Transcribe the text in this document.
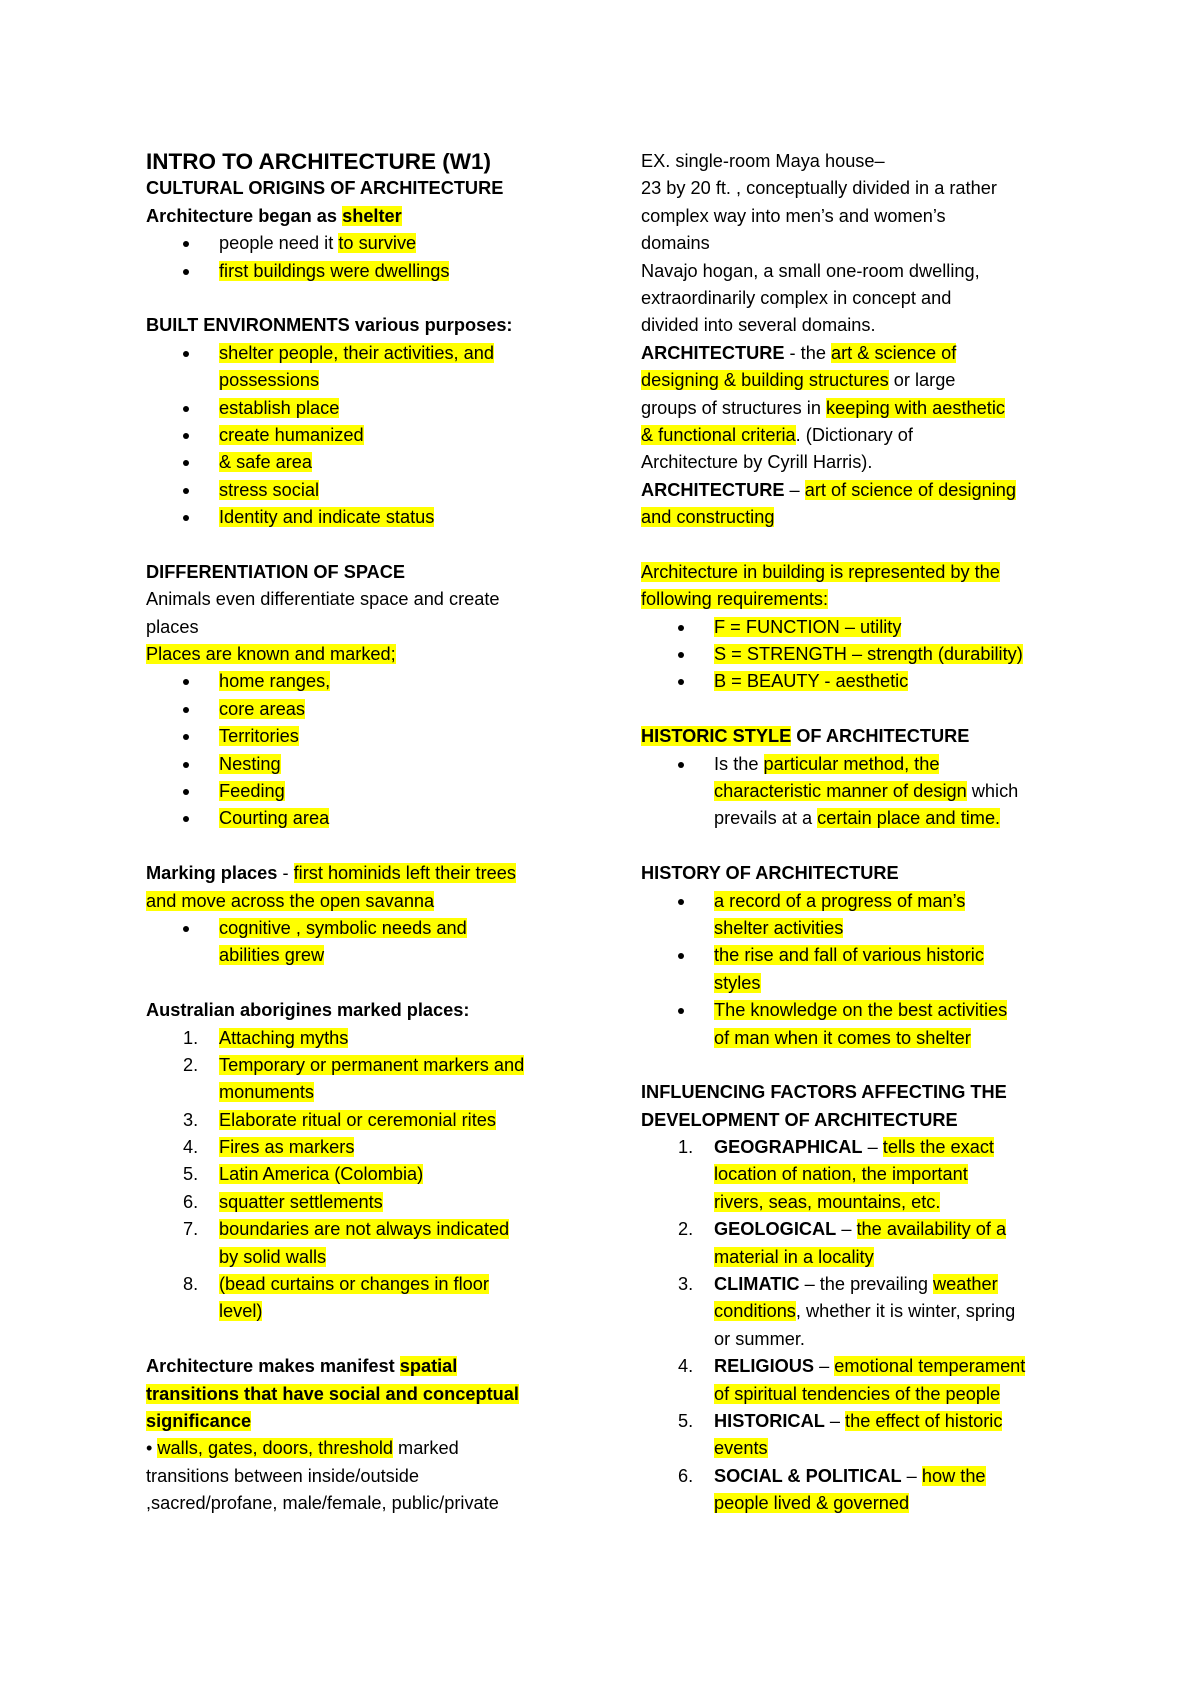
INTRO TO ARCHITECTURE (W1)
CULTURAL ORIGINS OF ARCHITECTURE
Architecture began as shelter
people need it to survive
first buildings were dwellings
BUILT ENVIRONMENTS various purposes:
shelter people, their activities, and
possessions
establish place
create humanized
& safe area
stress social
Identity and indicate status
DIFFERENTIATION OF SPACE
Animals even differentiate space and create
places
Places are known and marked;
home ranges,
core areas
Territories
Nesting
Feeding
Courting area
Marking places - first hominids left their trees
and move across the open savanna
cognitive , symbolic needs and
abilities grew
Australian aborigines marked places:
1. Attaching myths
2. Temporary or permanent markers and
monuments
3. Elaborate ritual or ceremonial rites
4. Fires as markers
5. Latin America (Colombia)
6. squatter settlements
7. boundaries are not always indicated
by solid walls
8. (bead curtains or changes in floor
level)
Architecture makes manifest spatial
transitions that have social and conceptual
significance
• walls, gates, doors, threshold marked
transitions between inside/outside
,sacred/profane, male/female, public/private
EX. single-room Maya house–
23 by 20 ft. , conceptually divided in a rather
complex way into men’s and women’s
domains
Navajo hogan, a small one-room dwelling,
extraordinarily complex in concept and
divided into several domains.
ARCHITECTURE - the art & science of
designing & building structures or large
groups of structures in keeping with aesthetic
& functional criteria. (Dictionary of
Architecture by Cyrill Harris).
ARCHITECTURE – art of science of designing
and constructing
Architecture in building is represented by the
following requirements:
F = FUNCTION – utility
S = STRENGTH – strength (durability)
B = BEAUTY - aesthetic
HISTORIC STYLE OF ARCHITECTURE
Is the particular method, the
characteristic manner of design which
prevails at a certain place and time.
HISTORY OF ARCHITECTURE
a record of a progress of man’s
shelter activities
the rise and fall of various historic
styles
The knowledge on the best activities
of man when it comes to shelter
INFLUENCING FACTORS AFFECTING THE
DEVELOPMENT OF ARCHITECTURE
1. GEOGRAPHICAL – tells the exact
location of nation, the important
rivers, seas, mountains, etc.
2. GEOLOGICAL – the availability of a
material in a locality
3. CLIMATIC – the prevailing weather
conditions, whether it is winter, spring
or summer.
4. RELIGIOUS – emotional temperament
of spiritual tendencies of the people
5. HISTORICAL – the effect of historic
events
6. SOCIAL & POLITICAL – how the
people lived & governed
